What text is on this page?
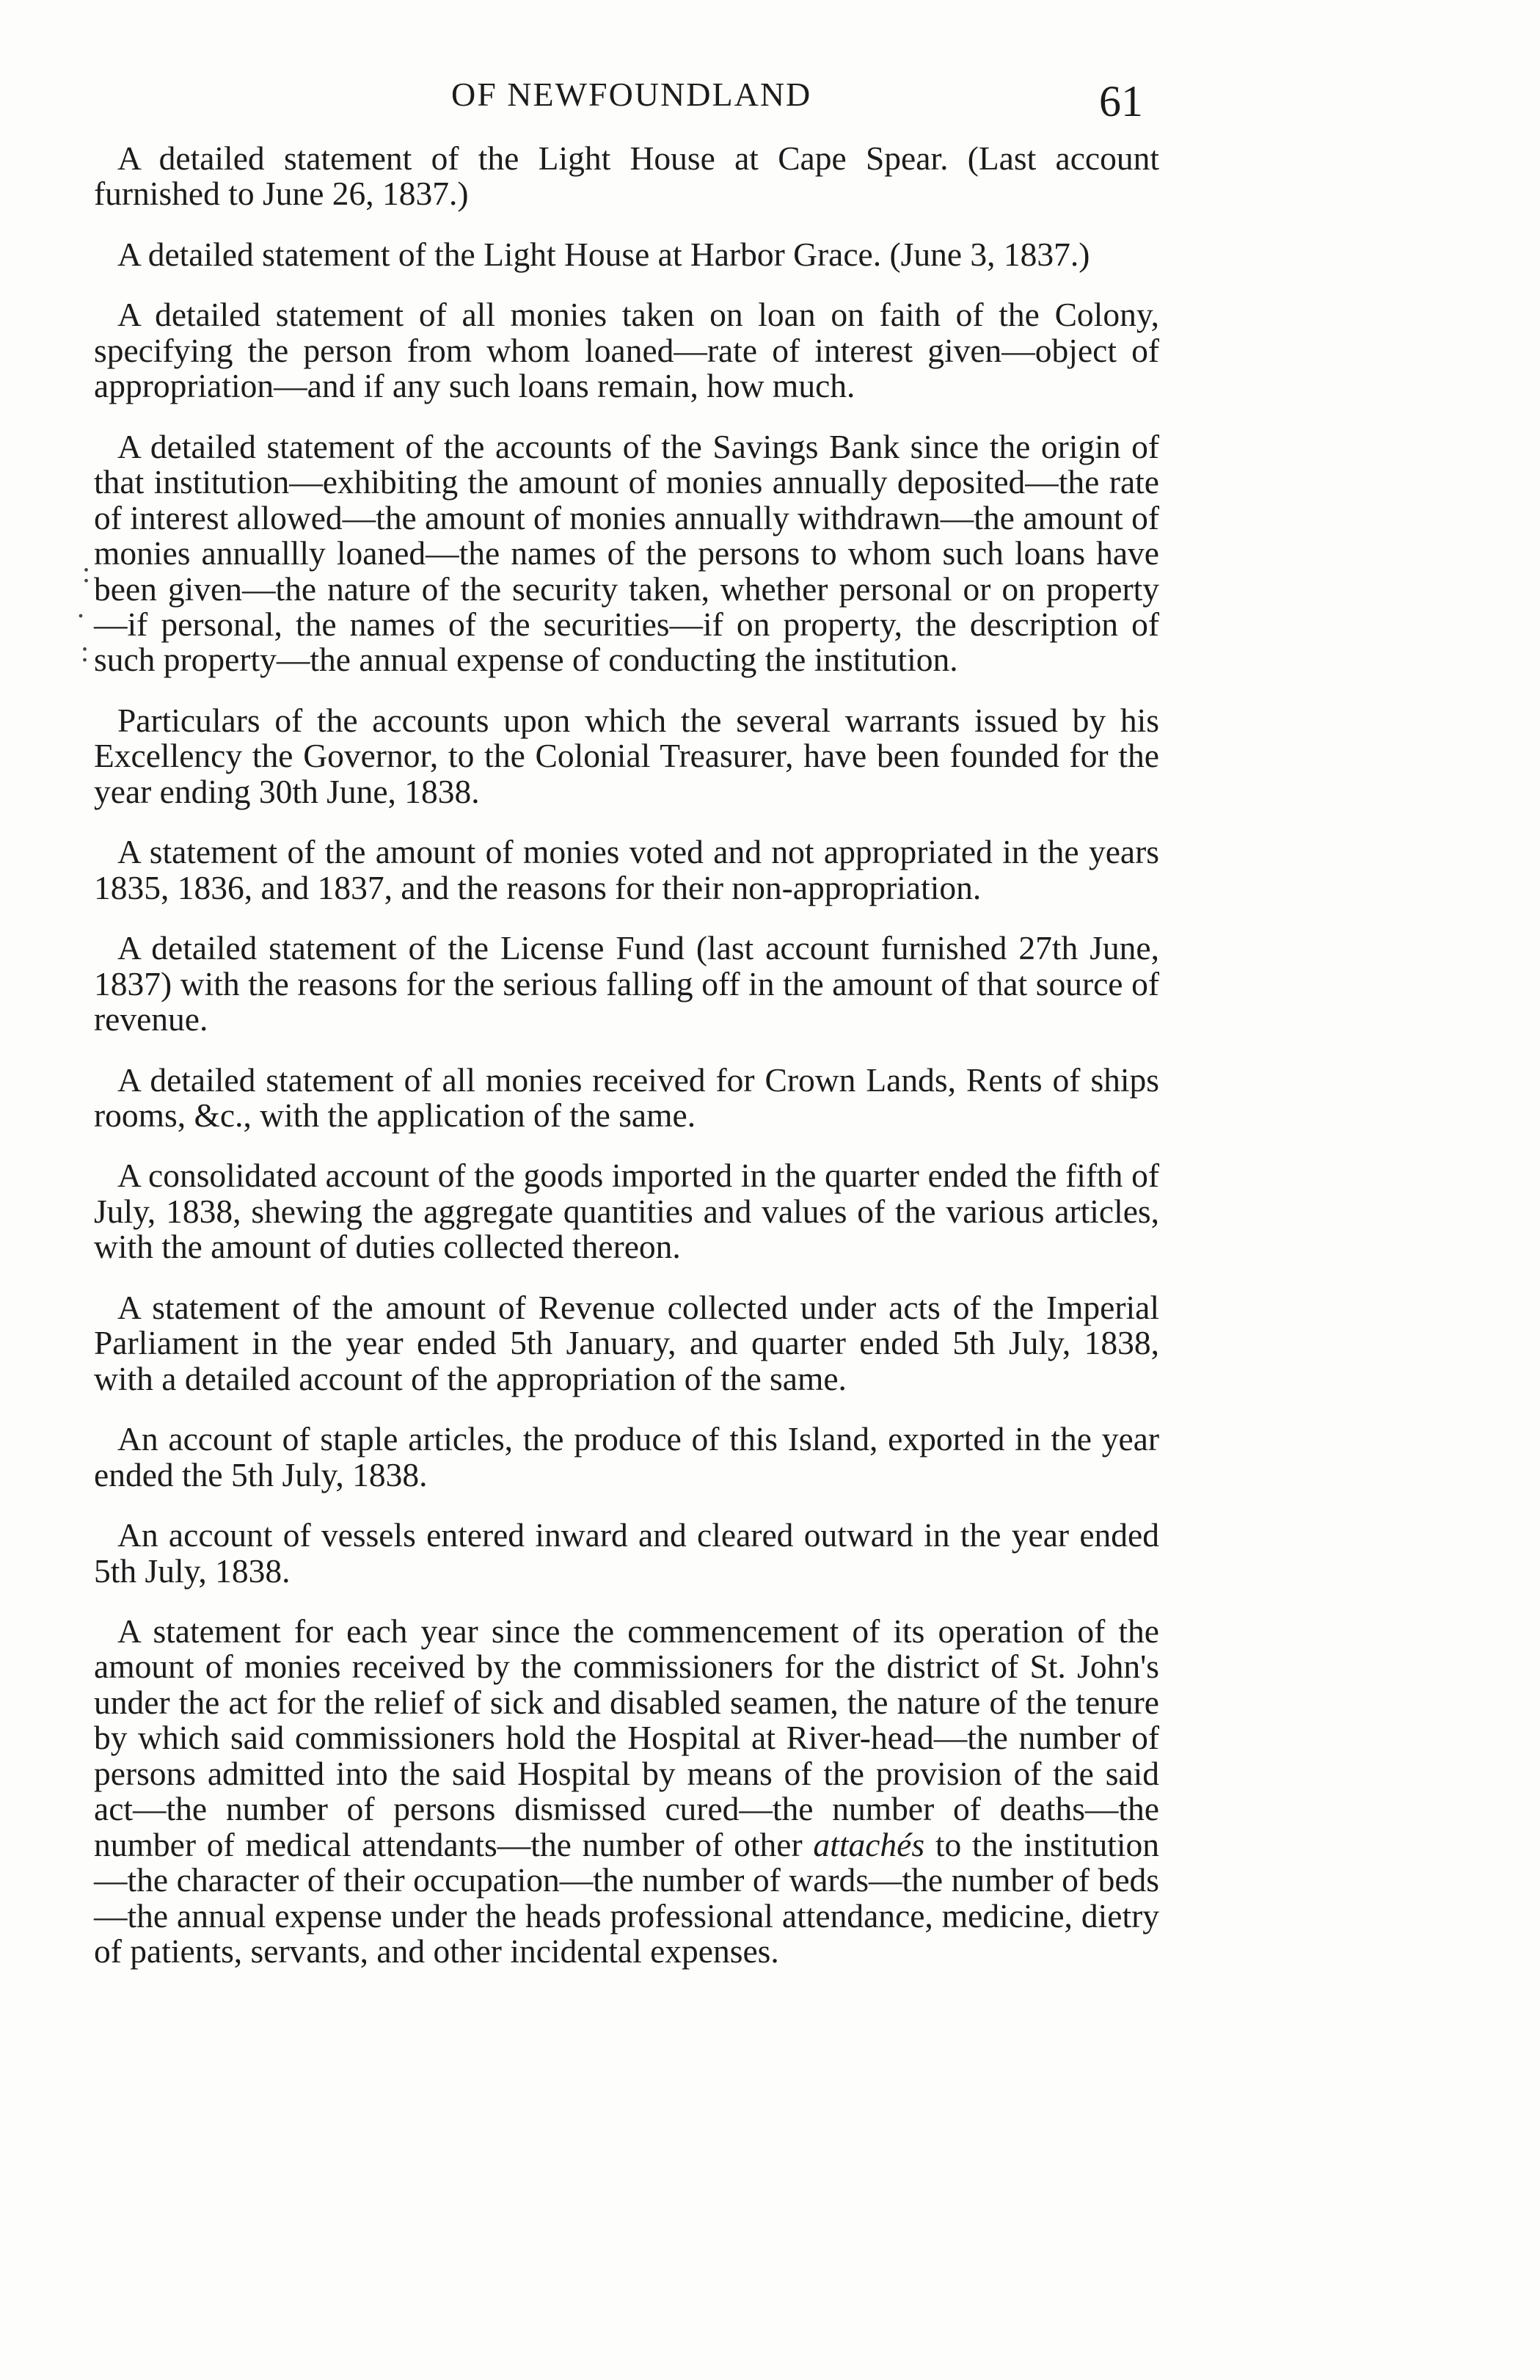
OF NEWFOUNDLAND	61
:
.
:

A detailed statement of the Light House at Cape Spear. (Last account furnished to June 26, 1837.)

A detailed statement of the Light House at Harbor Grace. (June 3, 1837.)

A detailed statement of all monies taken on loan on faith of the Colony, specifying the person from whom loaned—rate of interest given—object of appropriation—and if any such loans remain, how much.

A detailed statement of the accounts of the Savings Bank since the origin of that institution—exhibiting the amount of monies annually deposited—the rate of interest allowed—the amount of monies annually withdrawn—the amount of monies annuallly loaned—the names of the persons to whom such loans have been given—the nature of the security taken, whether personal or on property—if personal, the names of the securities—if on property, the description of such property—the annual expense of conducting the institution.

Particulars of the accounts upon which the several warrants issued by his Excellency the Governor, to the Colonial Treasurer, have been founded for the year ending 30th June, 1838.

A statement of the amount of monies voted and not appropriated in the years 1835, 1836, and 1837, and the reasons for their non-appropriation.

A detailed statement of the License Fund (last account furnished 27th June, 1837) with the reasons for the serious falling off in the amount of that source of revenue.

A detailed statement of all monies received for Crown Lands, Rents of ships rooms, &c., with the application of the same.

A consolidated account of the goods imported in the quarter ended the fifth of July, 1838, shewing the aggregate quantities and values of the various articles, with the amount of duties collected thereon.

A statement of the amount of Revenue collected under acts of the Imperial Parliament in the year ended 5th January, and quarter ended 5th July, 1838, with a detailed account of the appropriation of the same.

An account of staple articles, the produce of this Island, exported in the year ended the 5th July, 1838.

An account of vessels entered inward and cleared outward in the year ended 5th July, 1838.

A statement for each year since the commencement of its operation of the amount of monies received by the commissioners for the district of St. John's under the act for the relief of sick and disabled seamen, the nature of the tenure by which said commissioners hold the Hospital at River-head—the number of persons admitted into the said Hospital by means of the provision of the said act—the number of persons dismissed cured—the number of deaths—the number of medical attendants—the number of other attachés to the institution—the character of their occupation—the number of wards—the number of beds—the annual expense under the heads professional attendance, medicine, dietry of patients, servants, and other incidental expenses.
